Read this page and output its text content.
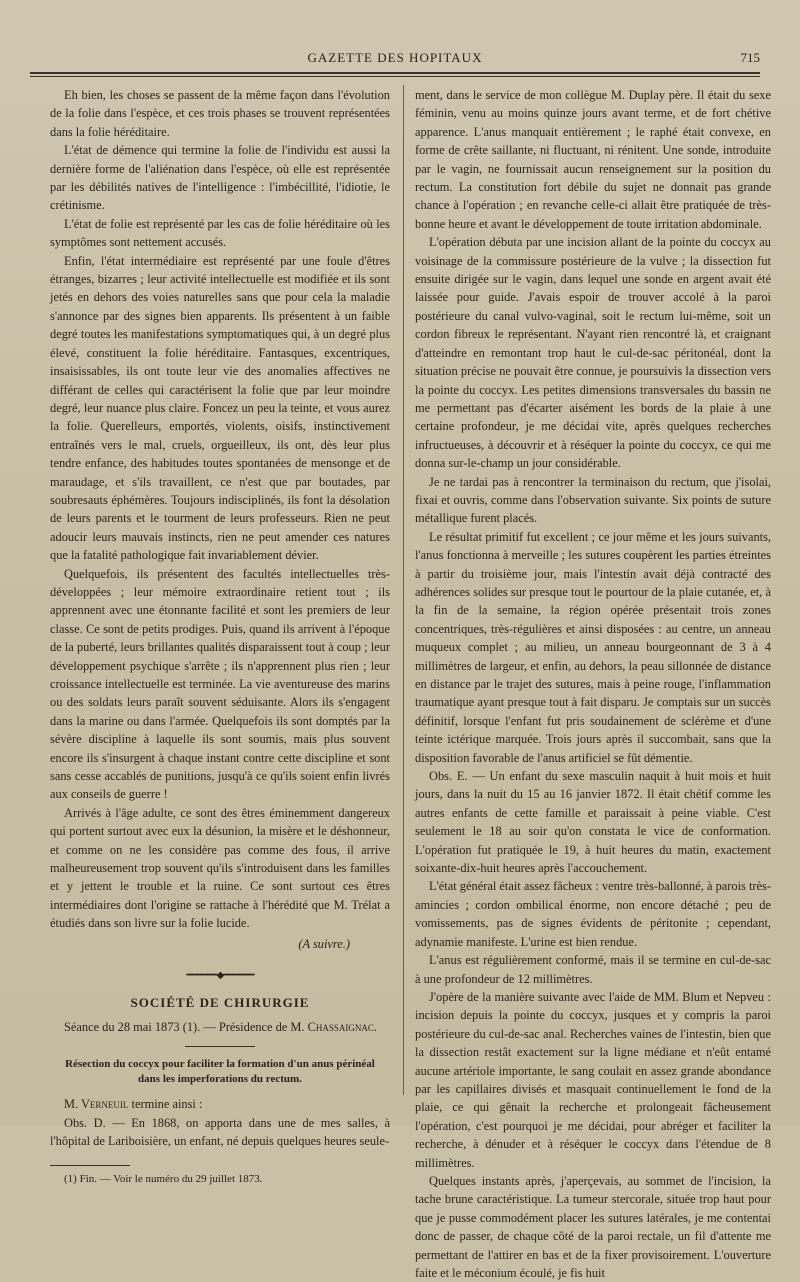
GAZETTE DES HOPITAUX	715

Eh bien, les choses se passent de la même façon dans l'évolution de la folie dans l'espèce, et ces trois phases se trouvent représentées dans la folie héréditaire.

L'état de démence qui termine la folie de l'individu est aussi la dernière forme de l'aliénation dans l'espèce, où elle est représentée par les débilités natives de l'intelligence : l'imbécillité, l'idiotie, le crétinisme.

L'état de folie est représenté par les cas de folie héréditaire où les symptômes sont nettement accusés.

Enfin, l'état intermédiaire est représenté par une foule d'êtres étranges, bizarres ; leur activité intellectuelle est modifiée et ils sont jetés en dehors des voies naturelles sans que pour cela la maladie s'annonce par des signes bien apparents. Ils présentent à un faible degré toutes les manifestations symptomatiques qui, à un degré plus élevé, constituent la folie héréditaire. Fantasques, excentriques, insaisissables, ils ont toute leur vie des anomalies affectives ne différant de celles qui caractérisent la folie que par leur moindre degré, leur nuance plus claire. Foncez un peu la teinte, et vous aurez la folie. Querelleurs, emportés, violents, oisifs, instinctivement entraînés vers le mal, cruels, orgueilleux, ils ont, dès leur plus tendre enfance, des habitudes toutes spontanées de mensonge et de maraudage, et s'ils travaillent, ce n'est que par boutades, par soubresauts éphémères. Toujours indisciplinés, ils font la désolation de leurs parents et le tourment de leurs professeurs. Rien ne peut adoucir leurs mauvais instincts, rien ne peut amender ces natures que la fatalité pathologique fait invariablement dévier.

Quelquefois, ils présentent des facultés intellectuelles très-développées ; leur mémoire extraordinaire retient tout ; ils apprennent avec une étonnante facilité et sont les premiers de leur classe. Ce sont de petits prodiges. Puis, quand ils arrivent à l'époque de la puberté, leurs brillantes qualités disparaissent tout à coup ; leur développement psychique s'arrête ; ils n'apprennent plus rien ; leur croissance intellectuelle est terminée. La vie aventureuse des marins ou des soldats leurs paraît souvent séduisante. Alors ils s'engagent dans la marine ou dans l'armée. Quelquefois ils sont domptés par la sévère discipline à laquelle ils sont soumis, mais plus souvent encore ils s'insurgent à chaque instant contre cette discipline et sont sans cesse accablés de punitions, jusqu'à ce qu'ils soient enfin livrés aux conseils de guerre !

Arrivés à l'âge adulte, ce sont des êtres éminemment dangereux qui portent surtout avec eux la désunion, la misère et le déshonneur, et comme on ne les considère pas comme des fous, il arrive malheureusement trop souvent qu'ils s'introduisent dans les familles et y jettent le trouble et la ruine. Ce sont surtout ces êtres intermédiaires dont l'origine se rattache à l'hérédité que M. Trélat a étudiés dans son livre sur la folie lucide.

(A suivre.)
━━━━━━◆━━━━━━
SOCIÉTÉ DE CHIRURGIE

Séance du 28 mai 1873 (1). — Présidence de M. Chassaignac.

Résection du coccyx pour faciliter la formation d'un anus périnéal dans les imperforations du rectum.

M. Verneuil termine ainsi :

Obs. D. — En 1868, on apporta dans une de mes salles, à l'hôpital de Lariboisière, un enfant, né depuis quelques heures seule-

(1) Fin. — Voir le numéro du 29 juillet 1873.

ment, dans le service de mon collègue M. Duplay père. Il était du sexe féminin, venu au moins quinze jours avant terme, et de fort chétive apparence. L'anus manquait entièrement ; le raphé était convexe, en forme de crête saillante, ni fluctuant, ni rénitent. Une sonde, introduite par le vagin, ne fournissait aucun renseignement sur la position du rectum. La constitution fort débile du sujet ne donnait pas grande chance à l'opération ; en revanche celle-ci allait être pratiquée de très-bonne heure et avant le développement de toute irritation abdominale.

L'opération débuta par une incision allant de la pointe du coccyx au voisinage de la commissure postérieure de la vulve ; la dissection fut ensuite dirigée sur le vagin, dans lequel une sonde en argent avait été laissée pour guide. J'avais espoir de trouver accolé à la paroi postérieure du canal vulvo-vaginal, soit le rectum lui-même, soit un cordon fibreux le représentant. N'ayant rien rencontré là, et craignant d'atteindre en remontant trop haut le cul-de-sac péritonéal, dont la situation précise ne pouvait être connue, je poursuivis la dissection vers la pointe du coccyx. Les petites dimensions transversales du bassin ne me permettant pas d'écarter aisément les bords de la plaie à une certaine profondeur, je me décidai vite, après quelques recherches infructueuses, à découvrir et à réséquer la pointe du coccyx, ce qui me donna sur-le-champ un jour considérable.

Je ne tardai pas à rencontrer la terminaison du rectum, que j'isolai, fixai et ouvris, comme dans l'observation suivante. Six points de suture métallique furent placés.

Le résultat primitif fut excellent ; ce jour même et les jours suivants, l'anus fonctionna à merveille ; les sutures coupèrent les parties étreintes à partir du troisième jour, mais l'intestin avait déjà contracté des adhérences solides sur presque tout le pourtour de la plaie cutanée, et, à la fin de la semaine, la région opérée présentait trois zones concentriques, très-régulières et ainsi disposées : au centre, un anneau muqueux complet ; au milieu, un anneau bourgeonnant de 3 à 4 millimètres de largeur, et enfin, au dehors, la peau sillonnée de distance en distance par le trajet des sutures, mais à peine rouge, l'inflammation traumatique ayant presque tout à fait disparu. Je comptais sur un succès définitif, lorsque l'enfant fut pris soudainement de sclérème et d'une teinte ictérique marquée. Trois jours après il succombait, sans que la disposition favorable de l'anus artificiel se fût démentie.

Obs. E. — Un enfant du sexe masculin naquit à huit mois et huit jours, dans la nuit du 15 au 16 janvier 1872. Il était chétif comme les autres enfants de cette famille et paraissait à peine viable. C'est seulement le 18 au soir qu'on constata le vice de conformation. L'opération fut pratiquée le 19, à huit heures du matin, exactement soixante-dix-huit heures après l'accouchement.

L'état général était assez fâcheux : ventre très-ballonné, à parois très-amincies ; cordon ombilical énorme, non encore détaché ; peu de vomissements, pas de signes évidents de péritonite ; cependant, adynamie manifeste. L'urine est bien rendue.

L'anus est régulièrement conformé, mais il se termine en cul-de-sac à une profondeur de 12 millimètres.

J'opère de la manière suivante avec l'aide de MM. Blum et Nepveu : incision depuis la pointe du coccyx, jusques et y compris la paroi postérieure du cul-de-sac anal. Recherches vaines de l'intestin, bien que la dissection restât exactement sur la ligne médiane et n'eût entamé aucune artériole importante, le sang coulait en assez grande abondance par les capillaires divisés et masquait continuellement le fond de la plaie, ce qui gênait la recherche et prolongeait fâcheusement l'opération, c'est pourquoi je me décidai, pour abréger et faciliter la recherche, à dénuder et à réséquer le coccyx dans l'étendue de 8 millimètres.

Quelques instants après, j'aperçevais, au sommet de l'incision, la tache brune caractéristique. La tumeur stercorale, située trop haut pour que je pusse commodément placer les sutures latérales, je me contentai donc de passer, de chaque côté de la paroi rectale, un fil d'attente me permettant de l'attirer en bas et de la fixer provisoirement. L'ouverture faite et le méconium écoulé, je fis huit
